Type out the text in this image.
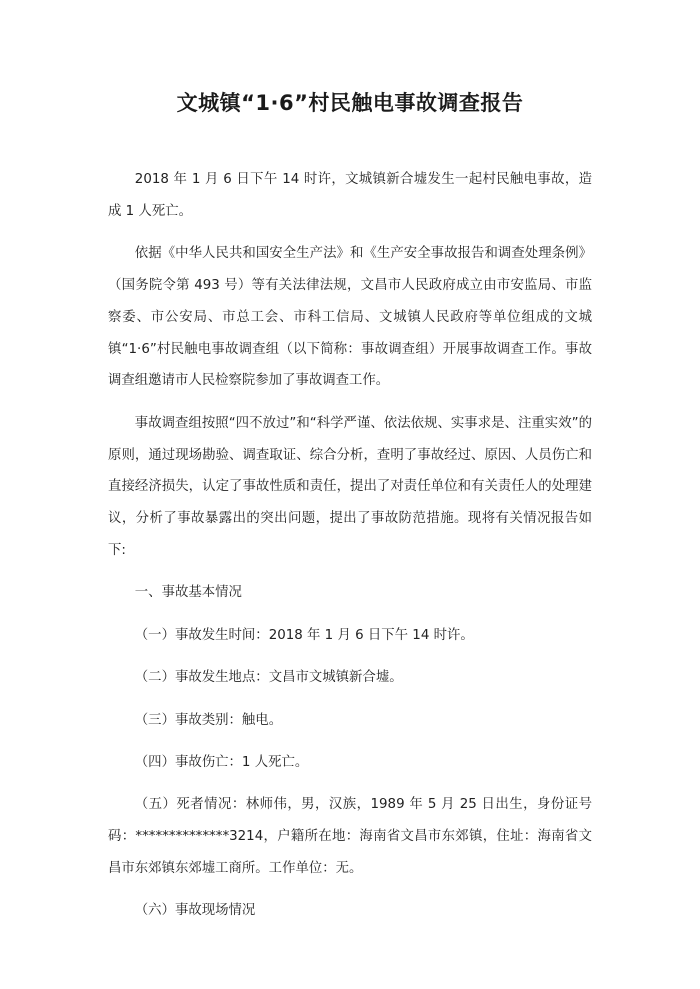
文城镇“1·6”村民触电事故调查报告

2018 年 1 月 6 日下午 14 时许，文城镇新合墟发生一起村民触电事故，造成 1 人死亡。

依据《中华人民共和国安全生产法》和《生产安全事故报告和调查处理条例》（国务院令第 493 号）等有关法律法规，文昌市人民政府成立由市安监局、市监察委、市公安局、市总工会、市科工信局、文城镇人民政府等单位组成的文城镇“1·6”村民触电事故调查组（以下简称：事故调查组）开展事故调查工作。事故调查组邀请市人民检察院参加了事故调查工作。

事故调查组按照“四不放过”和“科学严谨、依法依规、实事求是、注重实效”的原则，通过现场勘验、调查取证、综合分析，查明了事故经过、原因、人员伤亡和直接经济损失，认定了事故性质和责任，提出了对责任单位和有关责任人的处理建议，分析了事故暴露出的突出问题，提出了事故防范措施。现将有关情况报告如下:

一、事故基本情况

（一）事故发生时间：2018 年 1 月 6 日下午 14 时许。

（二）事故发生地点：文昌市文城镇新合墟。

（三）事故类别：触电。

（四）事故伤亡：1 人死亡。

（五）死者情况：林师伟，男，汉族，1989 年 5 月 25 日出生，身份证号码：**************3214，户籍所在地：海南省文昌市东郊镇，住址：海南省文昌市东郊镇东郊墟工商所。工作单位：无。

（六）事故现场情况
